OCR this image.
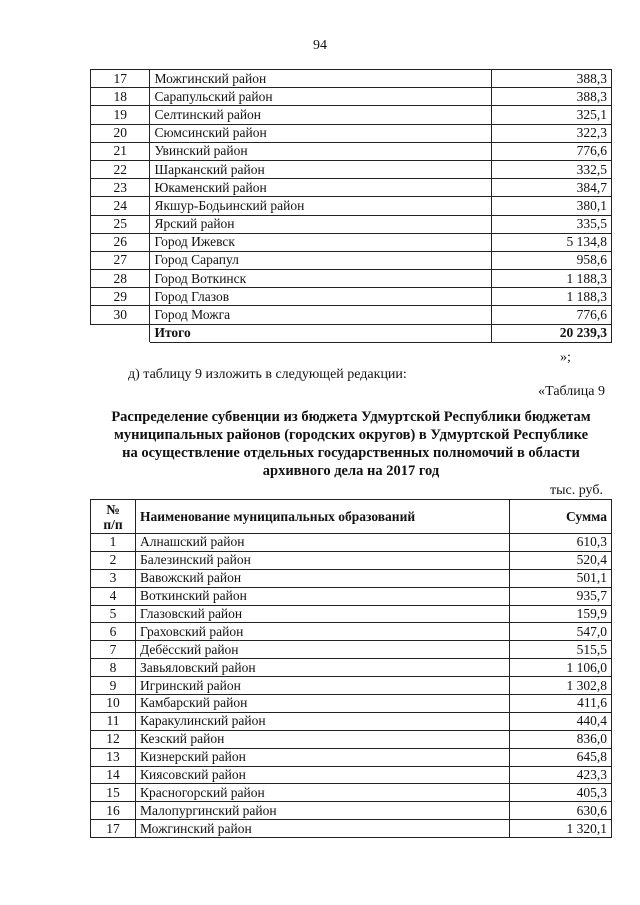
94
17	Можгинский район	388,3
18	Сарапульский район	388,3
19	Селтинский район	325,1
20	Сюмсинский район	322,3
21	Увинский район	776,6
22	Шарканский район	332,5
23	Юкаменский район	384,7
24	Якшур-Бодьинский район	380,1
25	Ярский район	335,5
26	Город Ижевск	5 134,8
27	Город Сарапул	958,6
28	Город Воткинск	1 188,3
29	Город Глазов	1 188,3
30	Город Можга	776,6
	Итого	20 239,3
»;
д) таблицу 9 изложить в следующей редакции:
«Таблица 9
Распределение субвенции из бюджета Удмуртской Республики бюджетам
муниципальных районов (городских округов) в Удмуртской Республике
на осуществление отдельных государственных полномочий в области
архивного дела на 2017 год
тыс. руб.
№
п/п	Наименование муниципальных образований	Сумма
1	Алнашский район	610,3
2	Балезинский район	520,4
3	Вавожский район	501,1
4	Воткинский район	935,7
5	Глазовский район	159,9
6	Граховский район	547,0
7	Дебёсский район	515,5
8	Завьяловский район	1 106,0
9	Игринский район	1 302,8
10	Камбарский район	411,6
11	Каракулинский район	440,4
12	Кезский район	836,0
13	Кизнерский район	645,8
14	Киясовский район	423,3
15	Красногорский район	405,3
16	Малопургинский район	630,6
17	Можгинский район	1 320,1
